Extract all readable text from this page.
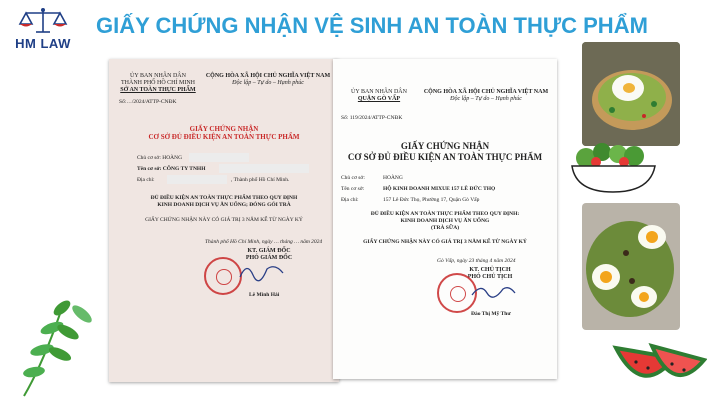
HM LAW
GIẤY CHỨNG NHẬN VỆ SINH AN TOÀN THỰC PHẨM
ỦY BAN NHÂN DÂN
THÀNH PHỐ HỒ CHÍ MINH
SỞ AN TOÀN THỰC PHẨM
CỘNG HÒA XÃ HỘI CHỦ NGHĨA VIỆT NAM
Độc lập – Tự do – Hạnh phúc
Số:…/2024/ATTP-CNĐK
GIẤY CHỨNG NHẬN
CƠ SỞ ĐỦ ĐIỀU KIỆN AN TOÀN THỰC PHẨM
Chủ cơ sở: HOÀNG
Tên cơ sở: CÔNG TY TNHH
Địa chỉ:	, Thành phố Hồ Chí Minh.
ĐỦ ĐIỀU KIỆN AN TOÀN THỰC PHẨM THEO QUY ĐỊNH
KINH DOANH DỊCH VỤ ĂN UỐNG; ĐÓNG GÓI TRÀ
GIẤY CHỨNG NHẬN NÀY CÓ GIÁ TRỊ 3 NĂM KỂ TỪ NGÀY KÝ
Thành phố Hồ Chí Minh, ngày … tháng … năm 2024
KT. GIÁM ĐỐC
PHÓ GIÁM ĐỐC
Lê Minh Hải
ỦY BAN NHÂN DÂN
QUẬN GÒ VẤP
CỘNG HÒA XÃ HỘI CHỦ NGHĨA VIỆT NAM
Độc lập – Tự do – Hạnh phúc
Số: 119/2024/ATTP-CNĐK
GIẤY CHỨNG NHẬN
CƠ SỞ ĐỦ ĐIỀU KIỆN AN TOÀN THỰC PHẨM
Chủ cơ sở:	HOÀNG
Tên cơ sở:	HỘ KINH DOANH MIXUE 157 LÊ ĐỨC THỌ
Địa chỉ:	157 Lê Đức Thọ, Phường 17, Quận Gò Vấp
ĐỦ ĐIỀU KIỆN AN TOÀN THỰC PHẨM THEO QUY ĐỊNH:
KINH DOANH DỊCH VỤ ĂN UỐNG
(TRÀ SỮA)
GIẤY CHỨNG NHẬN NÀY CÓ GIÁ TRỊ 3 NĂM KỂ TỪ NGÀY KÝ
Gò Vấp, ngày 23 tháng 4 năm 2024
KT. CHỦ TỊCH
PHÓ CHỦ TỊCH
Đào Thị Mỹ Thư
